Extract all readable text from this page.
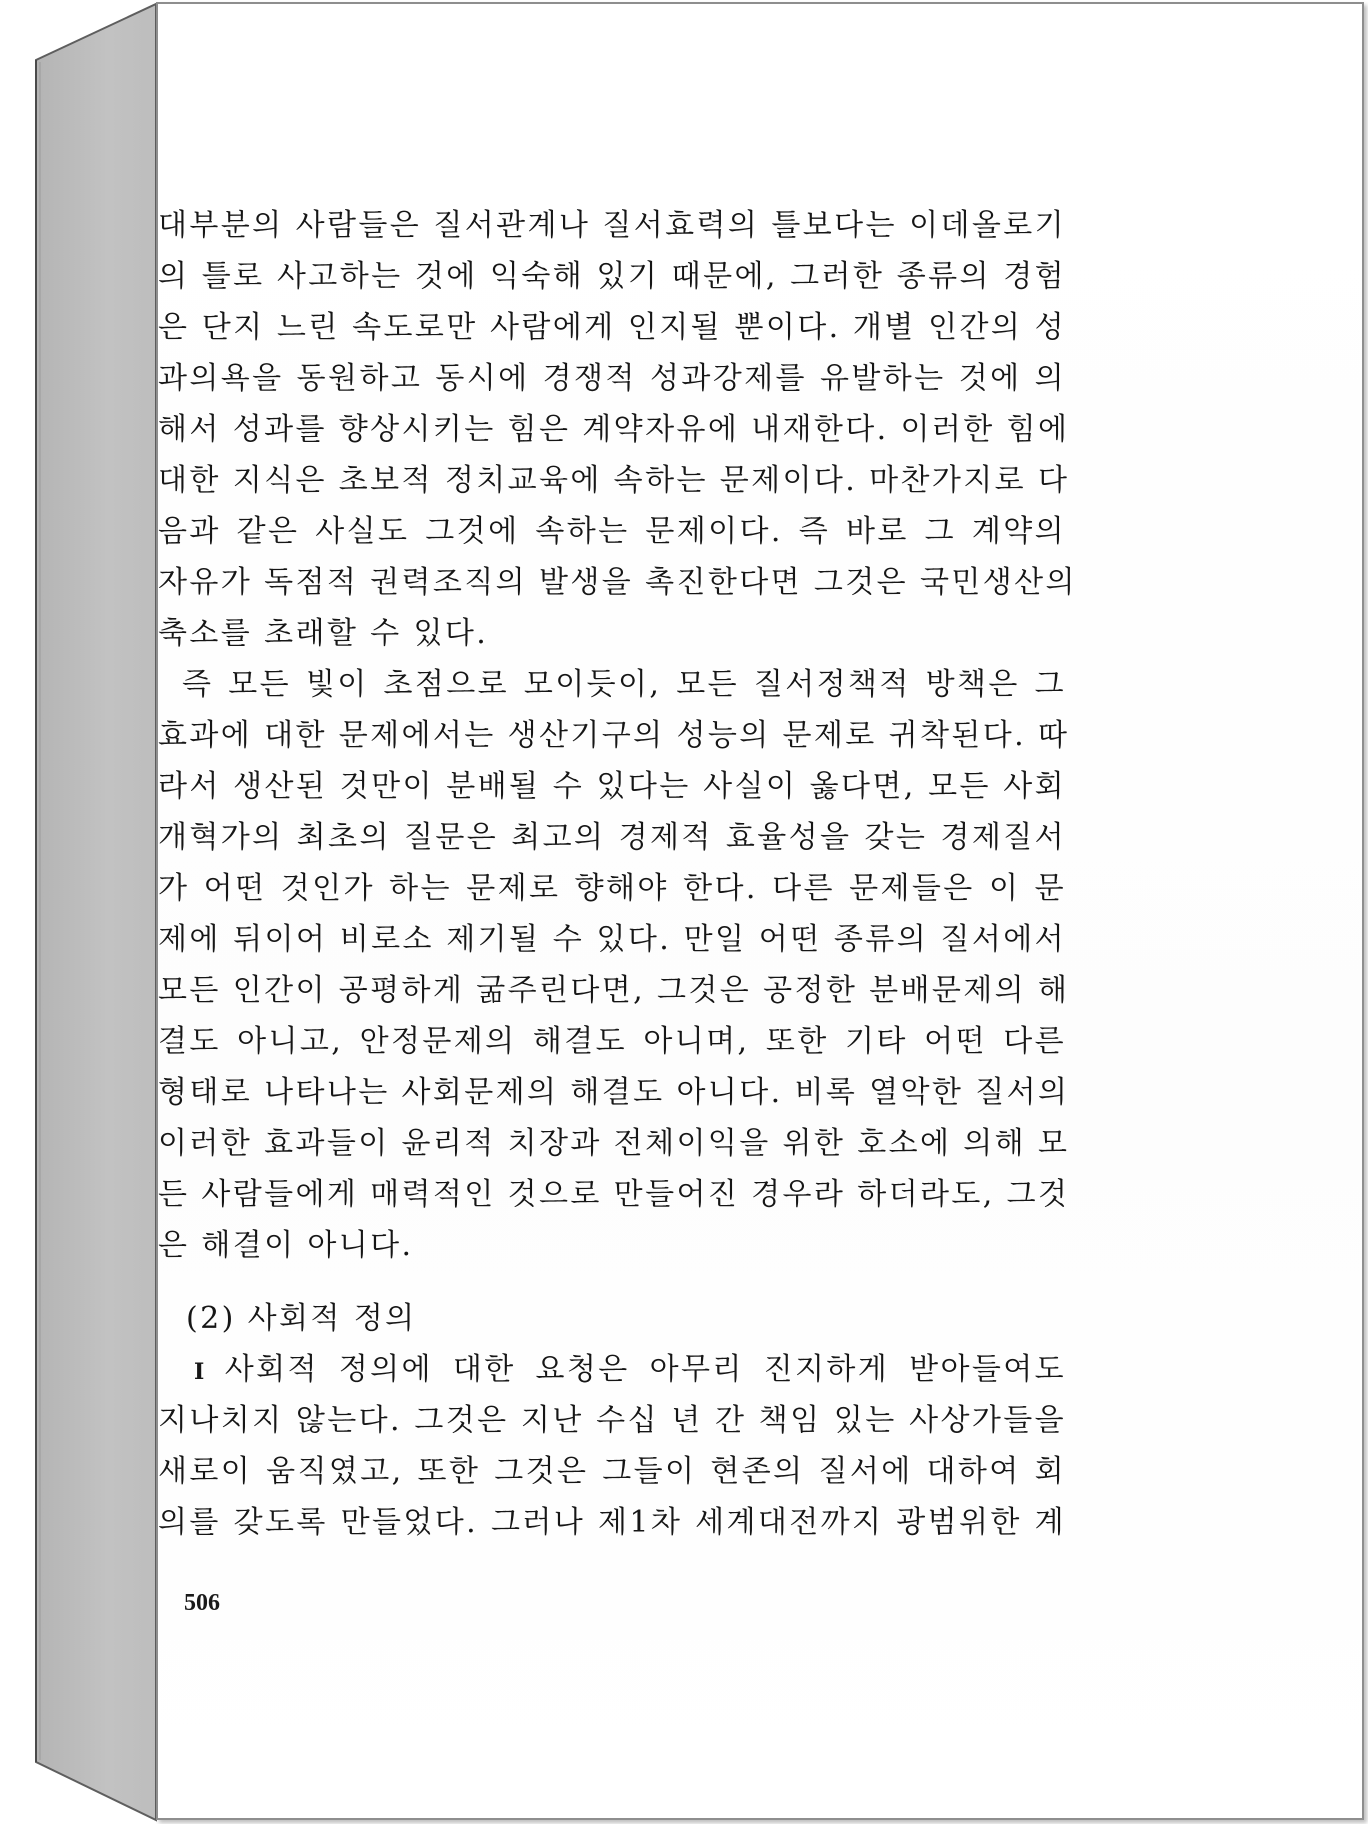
대부분의 사람들은 질서관계나 질서효력의 틀보다는 이데올로기
의 틀로 사고하는 것에 익숙해 있기 때문에, 그러한 종류의 경험
은 단지 느린 속도로만 사람에게 인지될 뿐이다. 개별 인간의 성
과의욕을 동원하고 동시에 경쟁적 성과강제를 유발하는 것에 의
해서 성과를 향상시키는 힘은 계약자유에 내재한다. 이러한 힘에
대한 지식은 초보적 정치교육에 속하는 문제이다. 마찬가지로 다
음과 같은 사실도 그것에 속하는 문제이다. 즉 바로 그 계약의
자유가 독점적 권력조직의 발생을 촉진한다면 그것은 국민생산의
축소를 초래할 수 있다.
즉 모든 빛이 초점으로 모이듯이, 모든 질서정책적 방책은 그
효과에 대한 문제에서는 생산기구의 성능의 문제로 귀착된다. 따
라서 생산된 것만이 분배될 수 있다는 사실이 옳다면, 모든 사회
개혁가의 최초의 질문은 최고의 경제적 효율성을 갖는 경제질서
가 어떤 것인가 하는 문제로 향해야 한다. 다른 문제들은 이 문
제에 뒤이어 비로소 제기될 수 있다. 만일 어떤 종류의 질서에서
모든 인간이 공평하게 굶주린다면, 그것은 공정한 분배문제의 해
결도 아니고, 안정문제의 해결도 아니며, 또한 기타 어떤 다른
형태로 나타나는 사회문제의 해결도 아니다. 비록 열악한 질서의
이러한 효과들이 윤리적 치장과 전체이익을 위한 호소에 의해 모
든 사람들에게 매력적인 것으로 만들어진 경우라 하더라도, 그것
은 해결이 아니다.
(2) 사회적 정의
I 사회적 정의에 대한 요청은 아무리 진지하게 받아들여도
지나치지 않는다. 그것은 지난 수십 년 간 책임 있는 사상가들을
새로이 움직였고, 또한 그것은 그들이 현존의 질서에 대하여 회
의를 갖도록 만들었다. 그러나 제1차 세계대전까지 광범위한 계
506
